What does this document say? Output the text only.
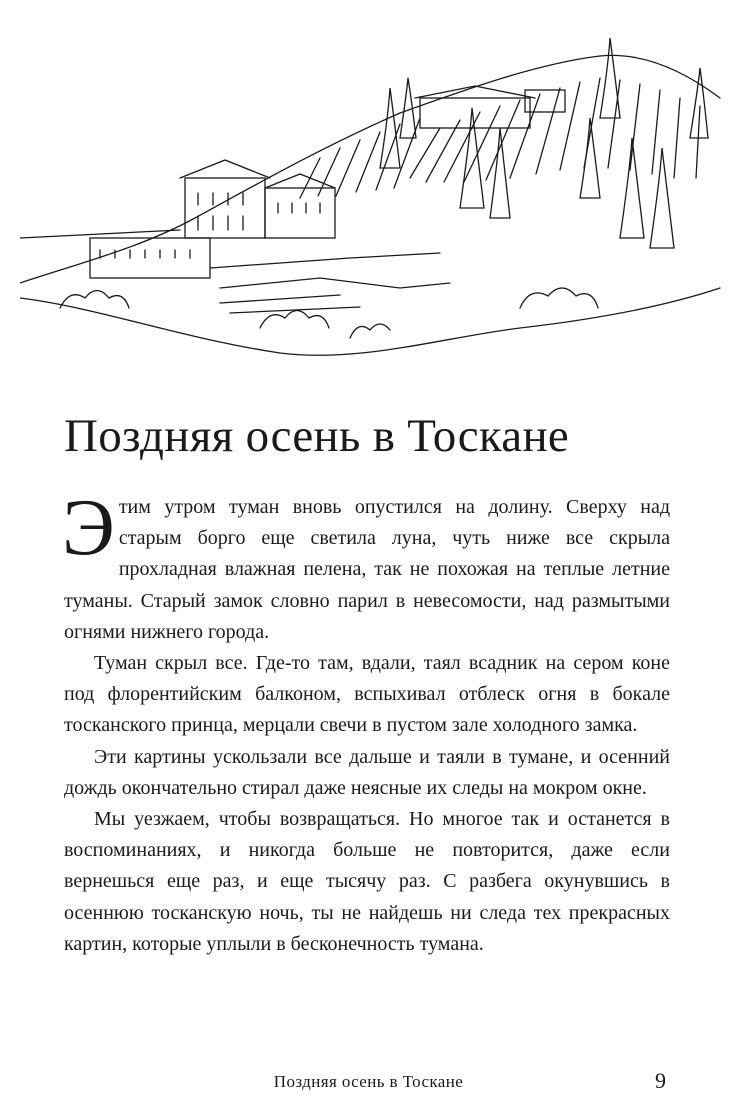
Поздняя осень в Тоскане

Этим утром туман вновь опустился на долину. Сверху над старым борго еще светила луна, чуть ниже все скрыла прохладная влажная пелена, так не похожая на теплые летние туманы. Старый замок словно парил в невесомости, над размытыми огнями нижнего города.

Туман скрыл все. Где-то там, вдали, таял всадник на сером коне под флорентийским балконом, вспыхивал отблеск огня в бокале тосканского принца, мерцали свечи в пустом зале холодного замка.

Эти картины ускользали все дальше и таяли в тумане, и осенний дождь окончательно стирал даже неясные их следы на мокром окне.

Мы уезжаем, чтобы возвращаться. Но многое так и останется в воспоминаниях, и никогда больше не повторится, даже если вернешься еще раз, и еще тысячу раз. С разбега окунувшись в осеннюю тосканскую ночь, ты не найдешь ни следа тех прекрасных картин, которые уплыли в бесконечность тумана.

Поздняя осень в Тоскане	9
